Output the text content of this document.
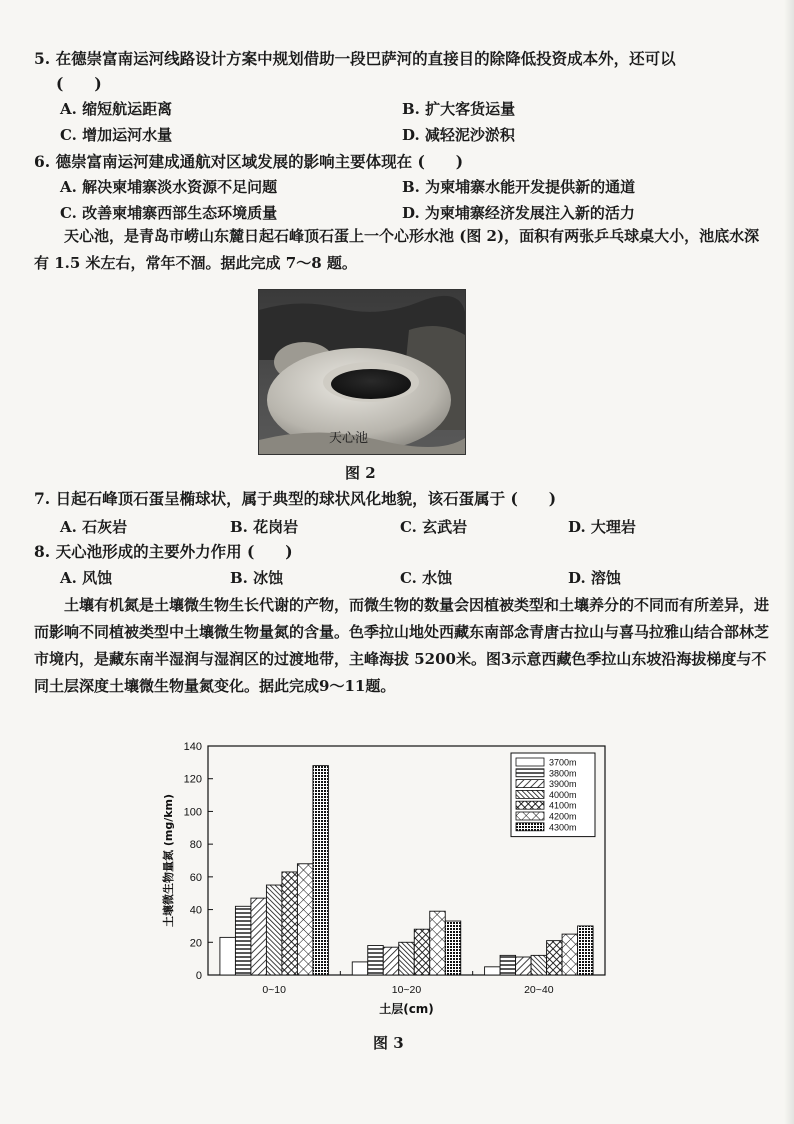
5. 在德崇富南运河线路设计方案中规划借助一段巴萨河的直接目的除降低投资成本外，还可以
(　　)
A. 缩短航运距离	B. 扩大客货运量
C. 增加运河水量	D. 减轻泥沙淤积
6. 德崇富南运河建成通航对区域发展的影响主要体现在 (　　)
A. 解决柬埔寨淡水资源不足问题	B. 为柬埔寨水能开发提供新的通道
C. 改善柬埔寨西部生态环境质量	D. 为柬埔寨经济发展注入新的活力
天心池，是青岛市崂山东麓日起石峰顶石蛋上一个心形水池 (图 2)，面积有两张乒乓球桌大小，池底水深有 1.5 米左右，常年不涸。据此完成 7～8 题。
天心池
图 2
7. 日起石峰顶石蛋呈椭球状，属于典型的球状风化地貌，该石蛋属于 (　　)
A. 石灰岩	B. 花岗岩	C. 玄武岩	D. 大理岩
8. 天心池形成的主要外力作用 (　　)
A. 风蚀	B. 冰蚀	C. 水蚀	D. 溶蚀
土壤有机氮是土壤微生物生长代谢的产物，而微生物的数量会因植被类型和土壤养分的不同而有所差异，进而影响不同植被类型中土壤微生物量氮的含量。色季拉山地处西藏东南部念青唐古拉山与喜马拉雅山结合部林芝市境内，是藏东南半湿润与湿润区的过渡地带，主峰海拔 5200米。图3示意西藏色季拉山东坡沿海拔梯度与不同土层深度土壤微生物量氮变化。据此完成9～11题。
0
20
40
60
80
100
120
140
土壤微生物量氮 (mg/km)
0~10	10~20	20~40
土层(cm)
3700m
3800m
3900m
4000m
4100m
4200m
4300m
图 3
